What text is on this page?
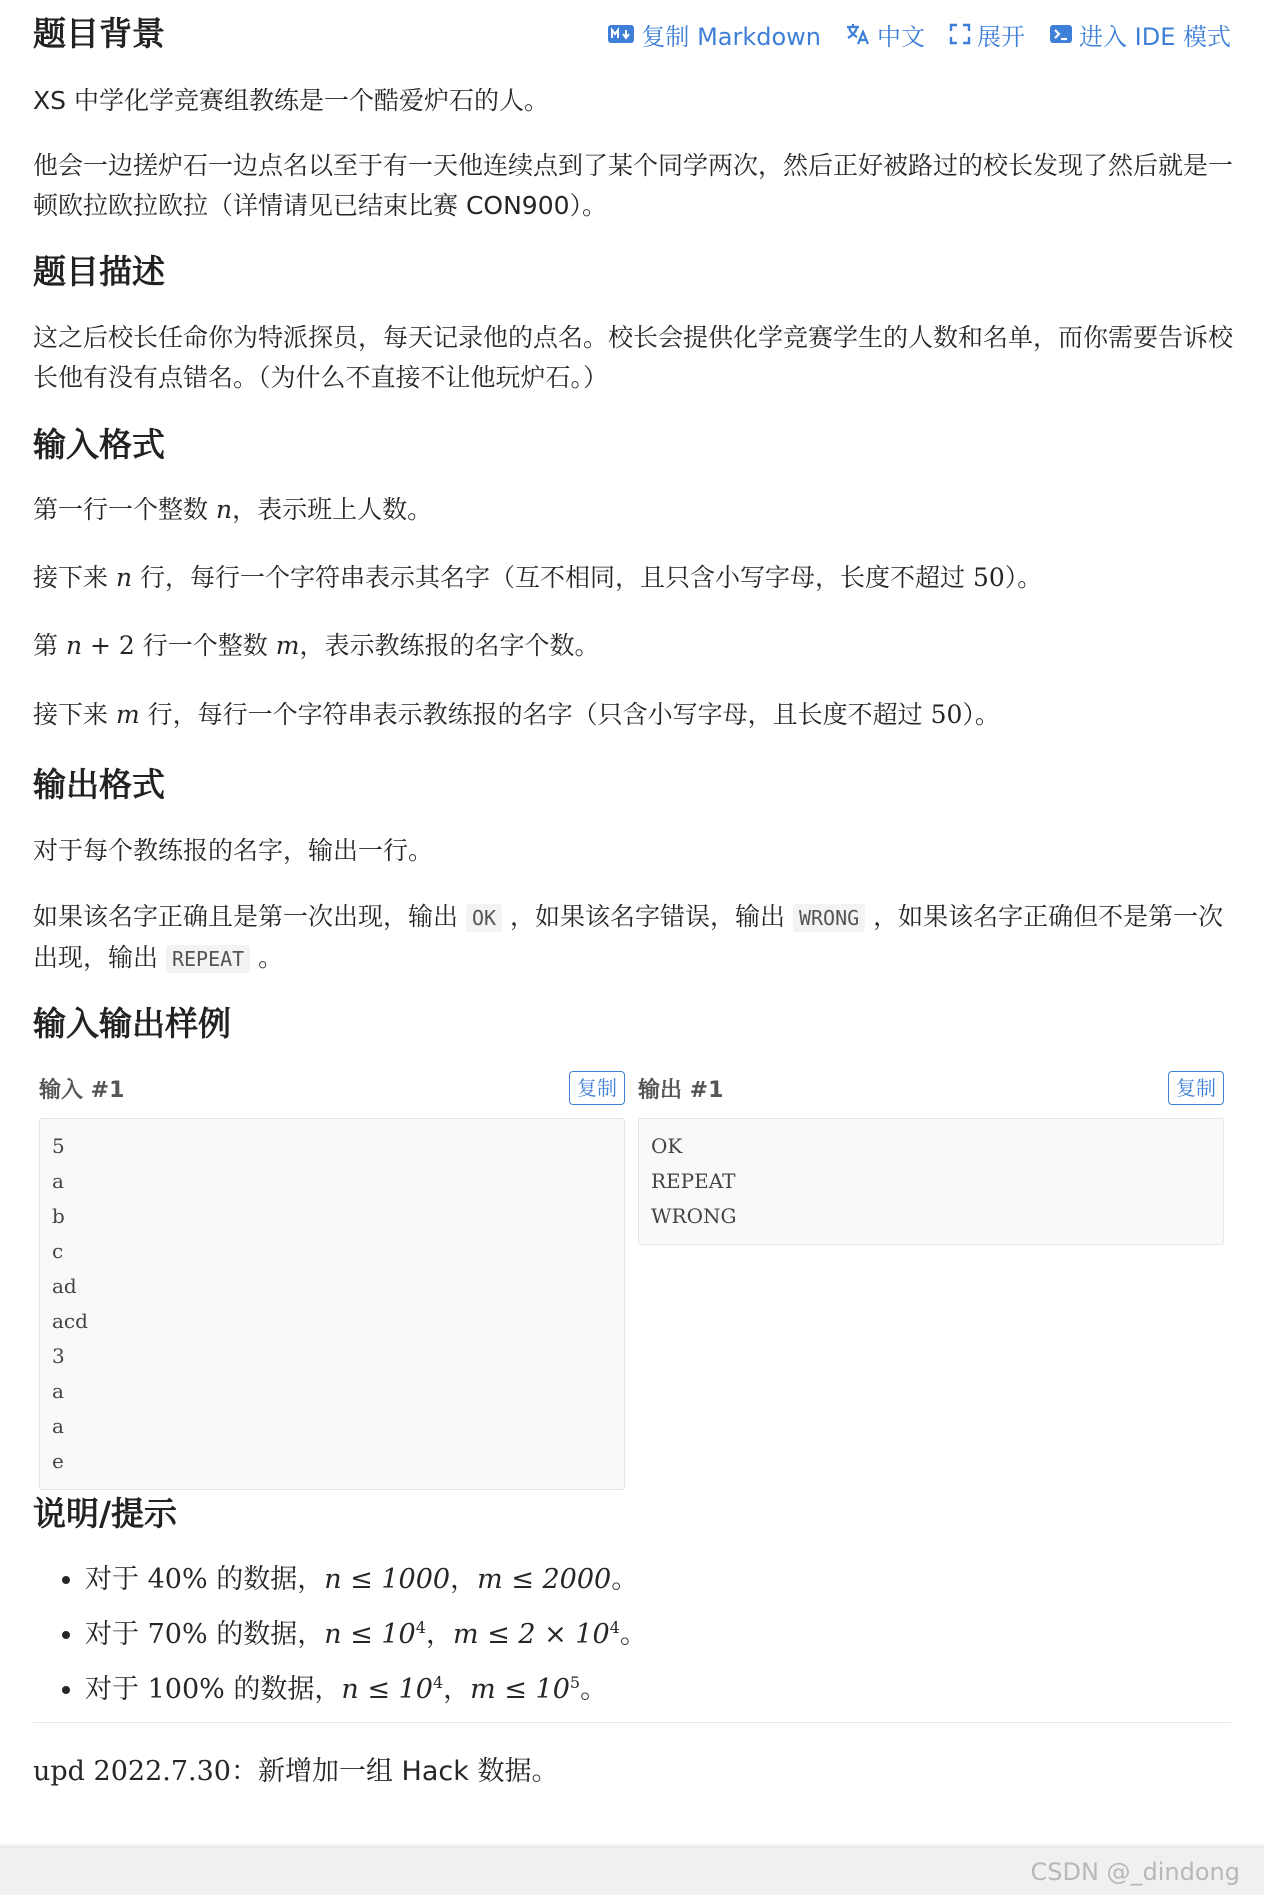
复制 Markdown 中文 展开 进入 IDE 模式
题目背景

XS 中学化学竞赛组教练是一个酷爱炉石的人。

他会一边搓炉石一边点名以至于有一天他连续点到了某个同学两次，然后正好被路过的校长发现了然后就是一顿欧拉欧拉欧拉（详情请见已结束比赛 CON900）。

题目描述

这之后校长任命你为特派探员，每天记录他的点名。校长会提供化学竞赛学生的人数和名单，而你需要告诉校长他有没有点错名。（为什么不直接不让他玩炉石。）

输入格式

第一行一个整数 n，表示班上人数。

接下来 n 行，每行一个字符串表示其名字（互不相同，且只含小写字母，长度不超过 50）。

第 n + 2 行一个整数 m，表示教练报的名字个数。

接下来 m 行，每行一个字符串表示教练报的名字（只含小写字母，且长度不超过 50）。

输出格式

对于每个教练报的名字，输出一行。

如果该名字正确且是第一次出现，输出 OK ，如果该名字错误，输出 WRONG ，如果该名字正确但不是第一次出现，输出 REPEAT 。

输入输出样例
输入 #1	复制
5
a
b
c
ad
acd
3
a
a
e
输出 #1	复制
OK
REPEAT
WRONG
说明/提示
• 对于 40% 的数据，n ≤ 1000，m ≤ 2000。
• 对于 70% 的数据，$n \le 10^4$，$m \le 2 \times 10^4$。
• 对于 100% 的数据，$n \le 10^4$，$m \le 10^5$。

upd 2022.7.30：新增加一组 Hack 数据。

CSDN @_dindong
